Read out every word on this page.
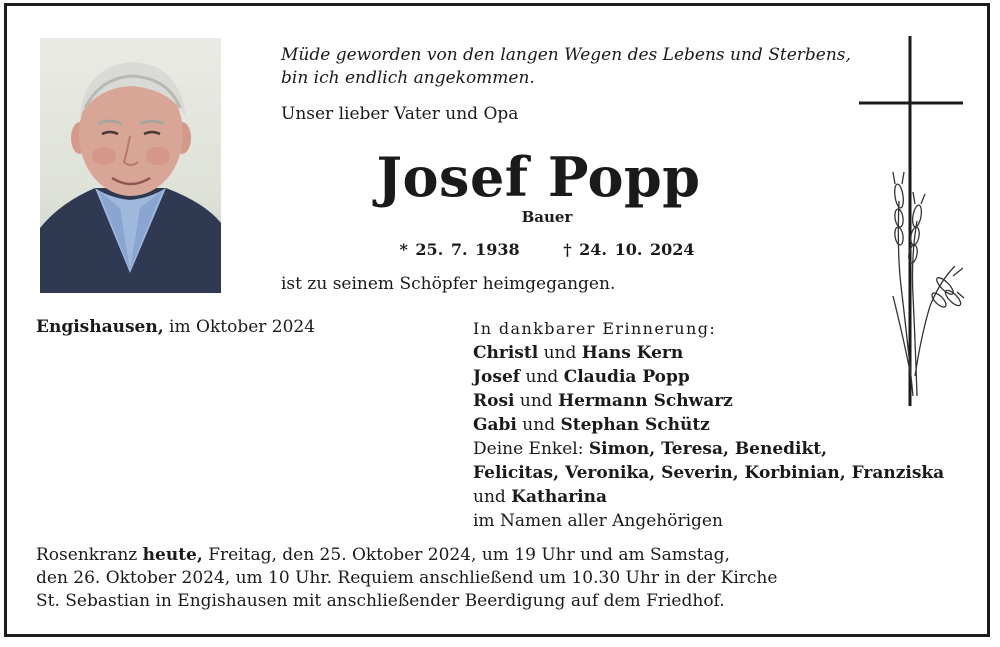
Müde geworden von den langen Wegen des Lebens und Sterbens,
bin ich endlich angekommen.
Unser lieber Vater und Opa
Josef Popp
Bauer
* 25. 7. 1938	† 24. 10. 2024
ist zu seinem Schöpfer heimgegangen.
Engishausen, im Oktober 2024	In dankbarer Erinnerung:
Christl und Hans Kern
Josef und Claudia Popp
Rosi und Hermann Schwarz
Gabi und Stephan Schütz
Deine Enkel: Simon, Teresa, Benedikt,
Felicitas, Veronika, Severin, Korbinian, Franziska
und Katharina
im Namen aller Angehörigen
Rosenkranz heute, Freitag, den 25. Oktober 2024, um 19 Uhr und am Samstag,
den 26. Oktober 2024, um 10 Uhr. Requiem anschließend um 10.30 Uhr in der Kirche
St. Sebastian in Engishausen mit anschließender Beerdigung auf dem Friedhof.
